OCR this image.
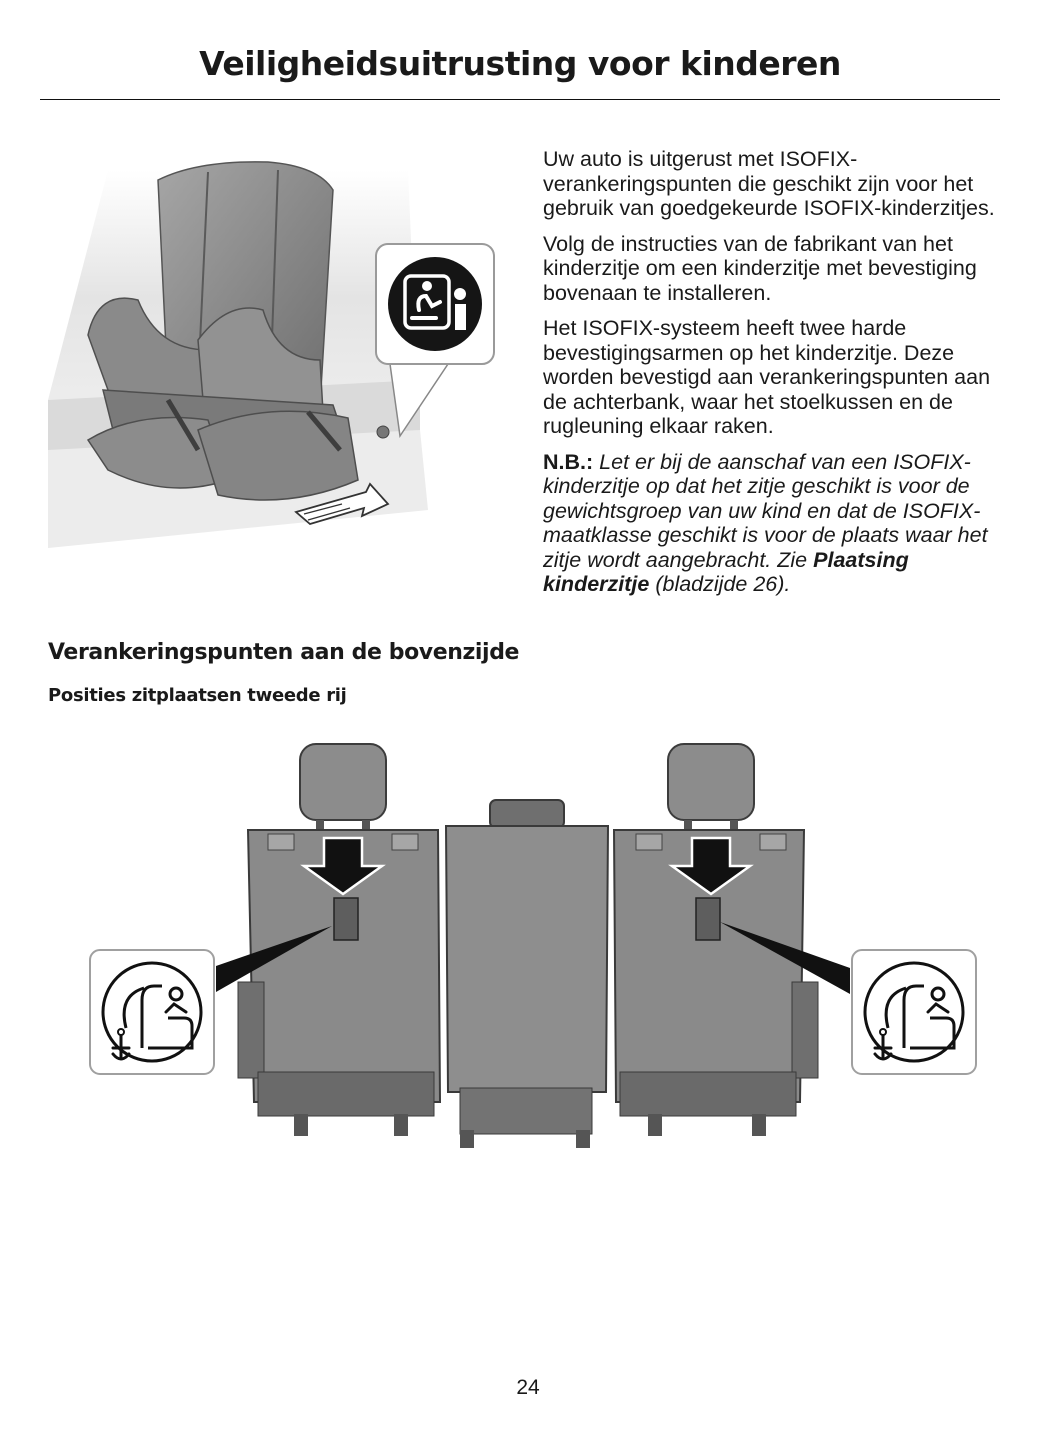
Veiligheidsuitrusting voor kinderen

Uw auto is uitgerust met ISOFIX-verankeringspunten die geschikt zijn voor het gebruik van goedgekeurde ISOFIX-kinderzitjes.

Volg de instructies van de fabrikant van het kinderzitje om een kinderzitje met bevestiging bovenaan te installeren.

Het ISOFIX-systeem heeft twee harde bevestigingsarmen op het kinderzitje. Deze worden bevestigd aan verankeringspunten aan de achterbank, waar het stoelkussen en de rugleuning elkaar raken.

N.B.: Let er bij de aanschaf van een ISOFIX-kinderzitje op dat het zitje geschikt is voor de gewichtsgroep van uw kind en dat de ISOFIX-maatklasse geschikt is voor de plaats waar het zitje wordt aangebracht. Zie Plaatsing kinderzitje (bladzijde 26).

Verankeringspunten aan de bovenzijde
Posities zitplaatsen tweede rij
24
